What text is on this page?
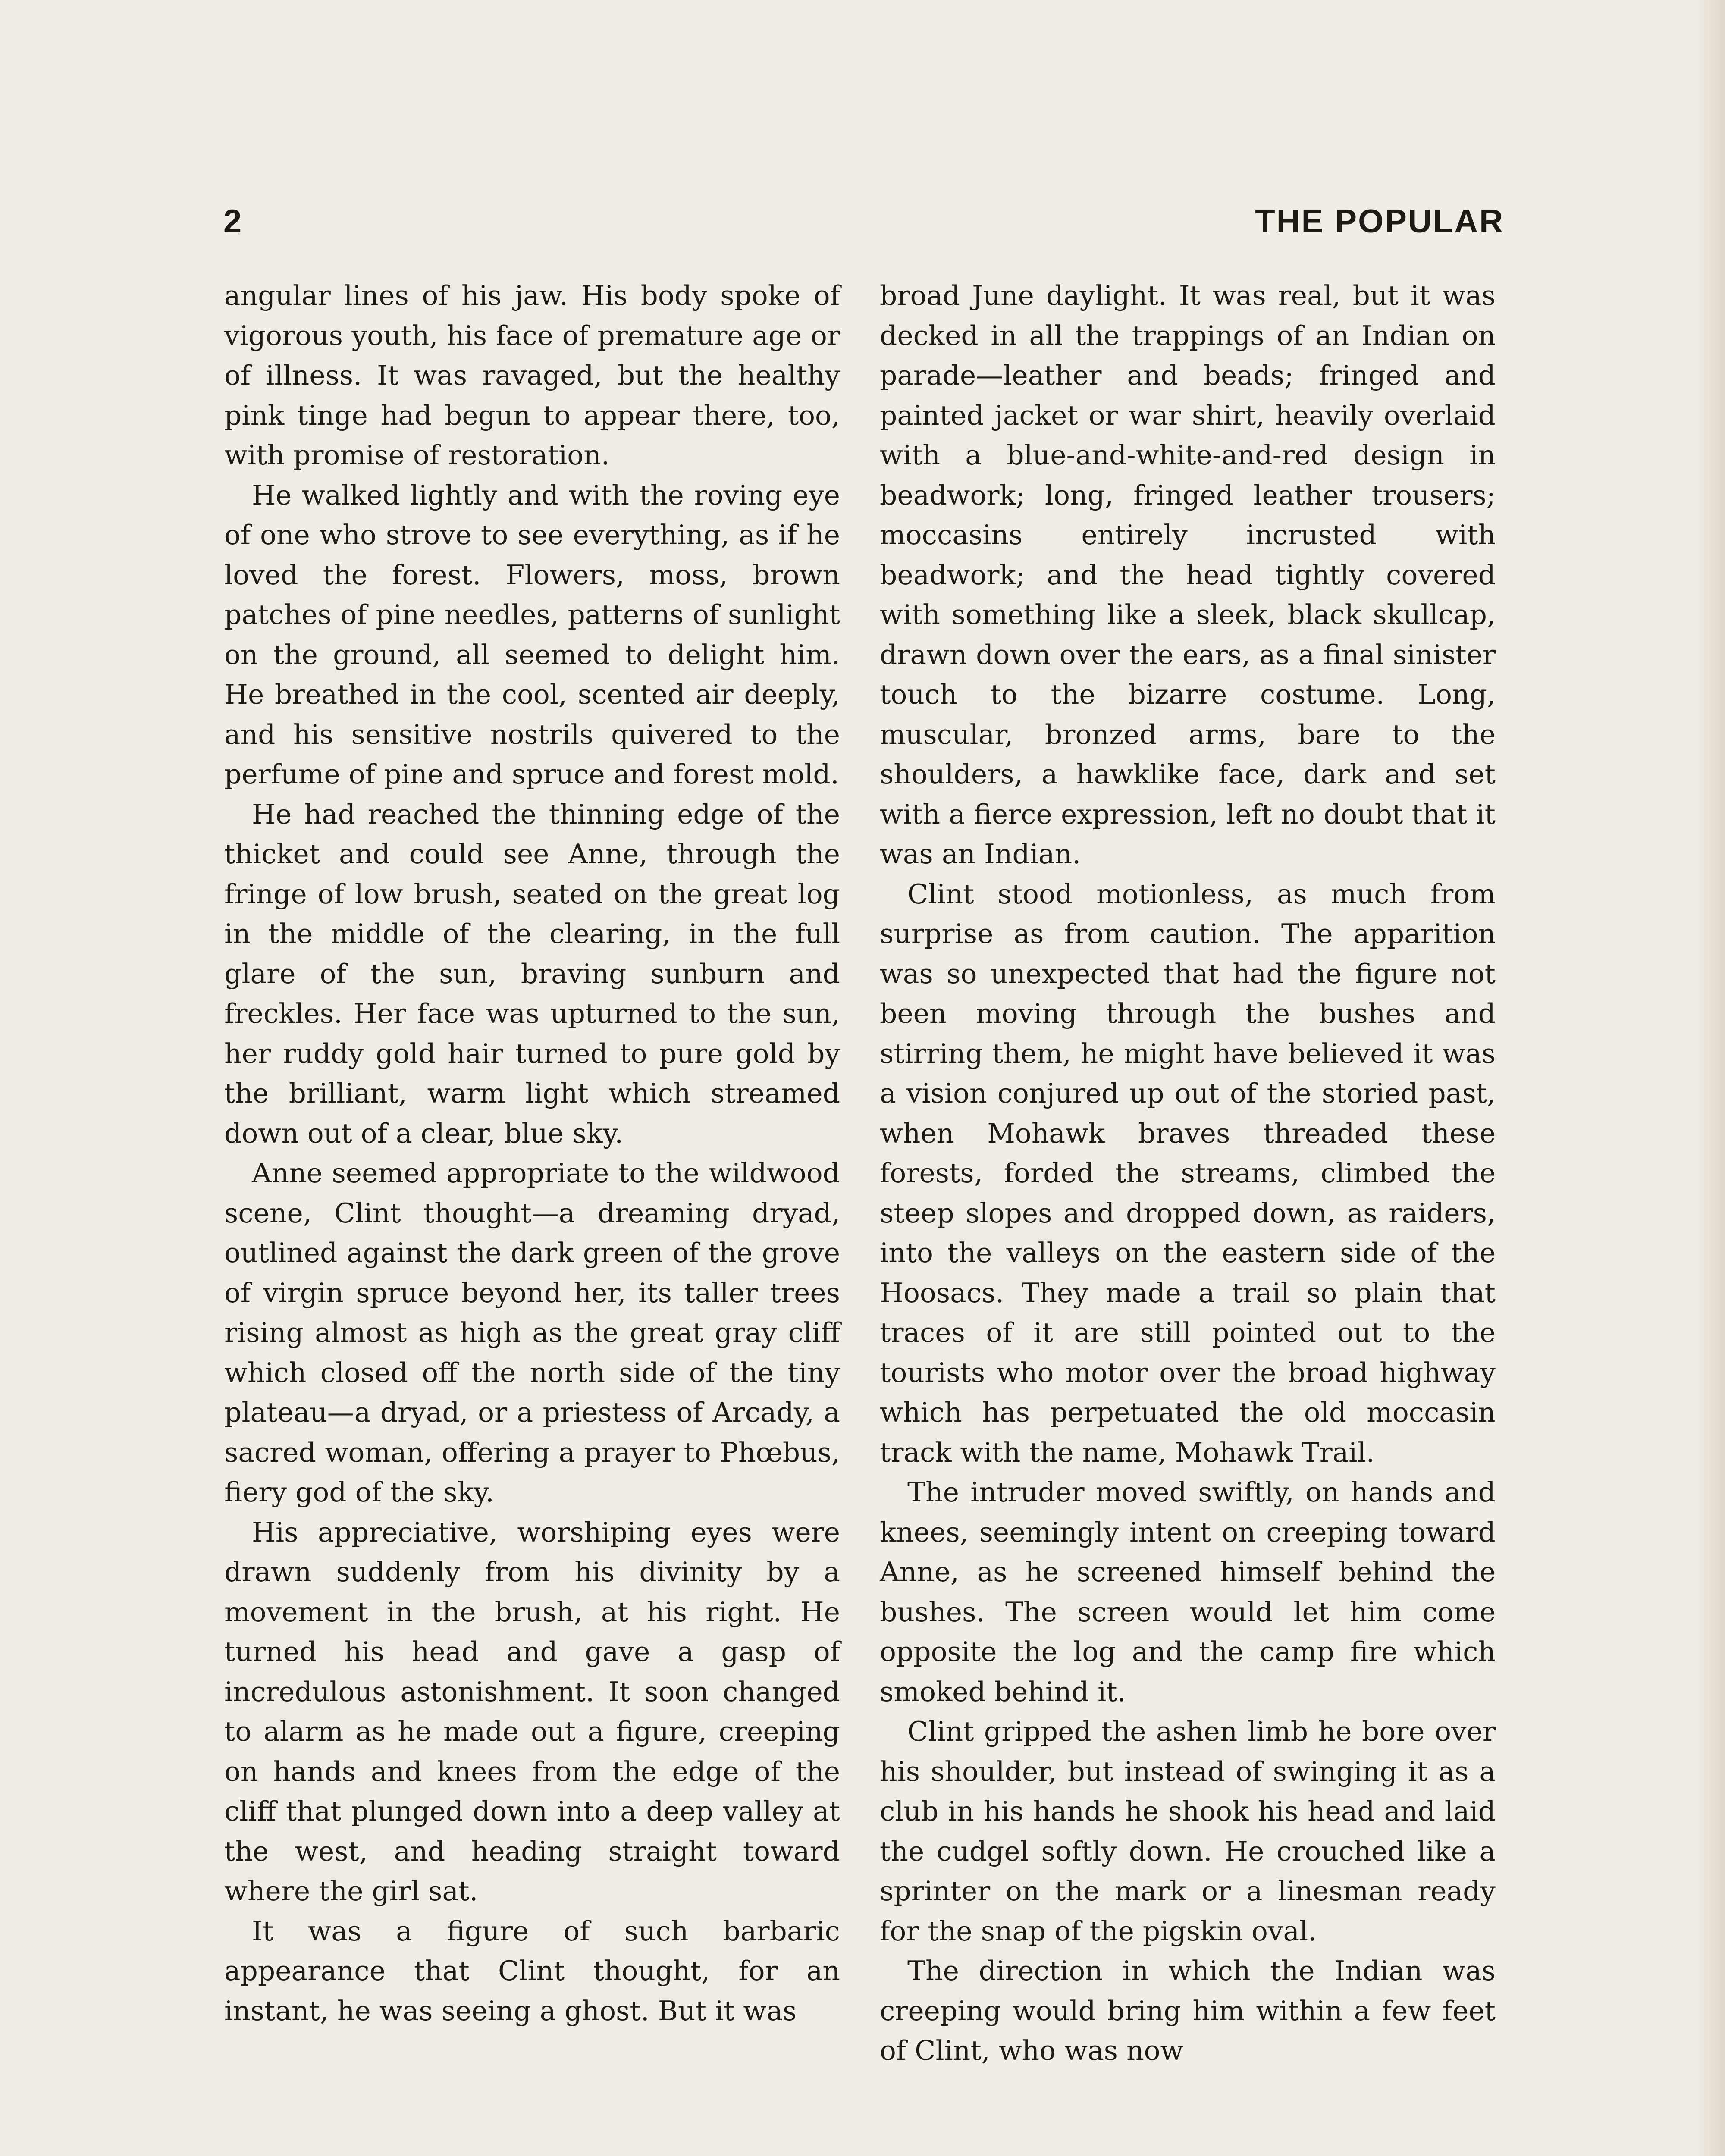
2	THE POPULAR

angular lines of his jaw. His body spoke of vigorous youth, his face of premature age or of illness. It was ravaged, but the healthy pink tinge had begun to appear there, too, with promise of restoration.

He walked lightly and with the roving eye of one who strove to see everything, as if he loved the forest. Flowers, moss, brown patches of pine needles, patterns of sunlight on the ground, all seemed to delight him. He breathed in the cool, scented air deeply, and his sensitive nostrils quivered to the perfume of pine and spruce and forest mold.

He had reached the thinning edge of the thicket and could see Anne, through the fringe of low brush, seated on the great log in the middle of the clearing, in the full glare of the sun, braving sunburn and freckles. Her face was upturned to the sun, her ruddy gold hair turned to pure gold by the brilliant, warm light which streamed down out of a clear, blue sky.

Anne seemed appropriate to the wildwood scene, Clint thought—a dreaming dryad, outlined against the dark green of the grove of virgin spruce beyond her, its taller trees rising almost as high as the great gray cliff which closed off the north side of the tiny plateau—a dryad, or a priestess of Arcady, a sacred woman, offering a prayer to Phœbus, fiery god of the sky.

His appreciative, worshiping eyes were drawn suddenly from his divinity by a movement in the brush, at his right. He turned his head and gave a gasp of incredulous astonishment. It soon changed to alarm as he made out a figure, creeping on hands and knees from the edge of the cliff that plunged down into a deep valley at the west, and heading straight toward where the girl sat.

It was a figure of such barbaric appearance that Clint thought, for an instant, he was seeing a ghost. But it was

broad June daylight. It was real, but it was decked in all the trappings of an Indian on parade—leather and beads; fringed and painted jacket or war shirt, heavily overlaid with a blue-and-white-and-red design in beadwork; long, fringed leather trousers; moccasins entirely incrusted with beadwork; and the head tightly covered with something like a sleek, black skullcap, drawn down over the ears, as a final sinister touch to the bizarre costume. Long, muscular, bronzed arms, bare to the shoulders, a hawklike face, dark and set with a fierce expression, left no doubt that it was an Indian.

Clint stood motionless, as much from surprise as from caution. The apparition was so unexpected that had the figure not been moving through the bushes and stirring them, he might have believed it was a vision conjured up out of the storied past, when Mohawk braves threaded these forests, forded the streams, climbed the steep slopes and dropped down, as raiders, into the valleys on the eastern side of the Hoosacs. They made a trail so plain that traces of it are still pointed out to the tourists who motor over the broad highway which has perpetuated the old moccasin track with the name, Mohawk Trail.

The intruder moved swiftly, on hands and knees, seemingly intent on creeping toward Anne, as he screened himself behind the bushes. The screen would let him come opposite the log and the camp fire which smoked behind it.

Clint gripped the ashen limb he bore over his shoulder, but instead of swinging it as a club in his hands he shook his head and laid the cudgel softly down. He crouched like a sprinter on the mark or a linesman ready for the snap of the pigskin oval.

The direction in which the Indian was creeping would bring him within a few feet of Clint, who was now
